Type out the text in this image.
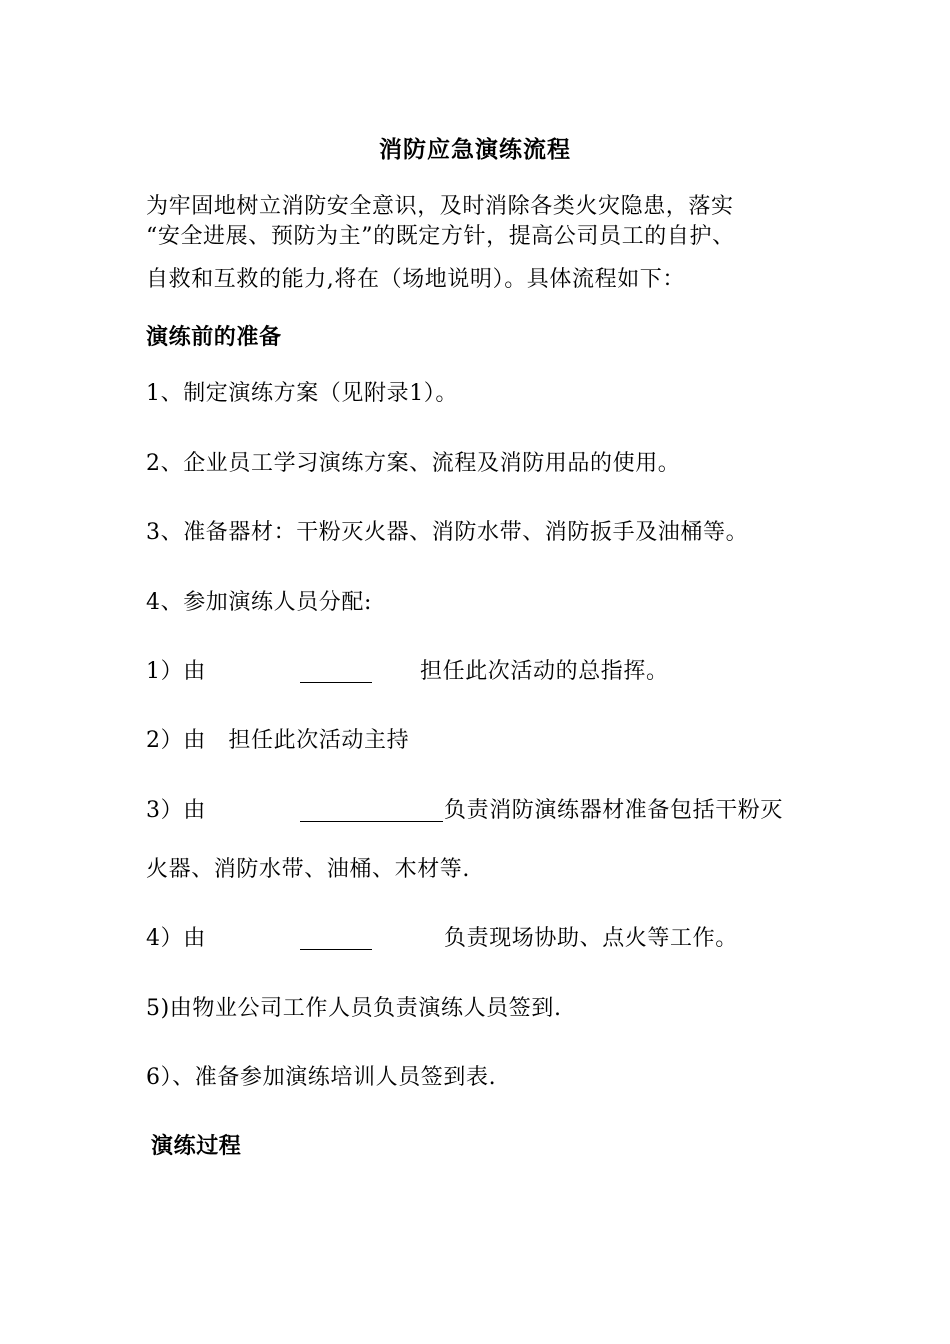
消防应急演练流程
为牢固地树立消防安全意识，及时消除各类火灾隐患，落实
“安全进展、预防为主”的既定方针，提高公司员工的自护、
自救和互救的能力,将在（场地说明）。具体流程如下：
演练前的准备
1、制定演练方案（见附录1）。
2、企业员工学习演练方案、流程及消防用品的使用。
3、准备器材：干粉灭火器、消防水带、消防扳手及油桶等。
4、参加演练人员分配:
1）由	担任此次活动的总指挥。
2）由　担任此次活动主持
3）由	负责消防演练器材准备包括干粉灭
火器、消防水带、油桶、木材等.
4）由	负责现场协助、点火等工作。
5)由物业公司工作人员负责演练人员签到.
6）、准备参加演练培训人员签到表.
演练过程
